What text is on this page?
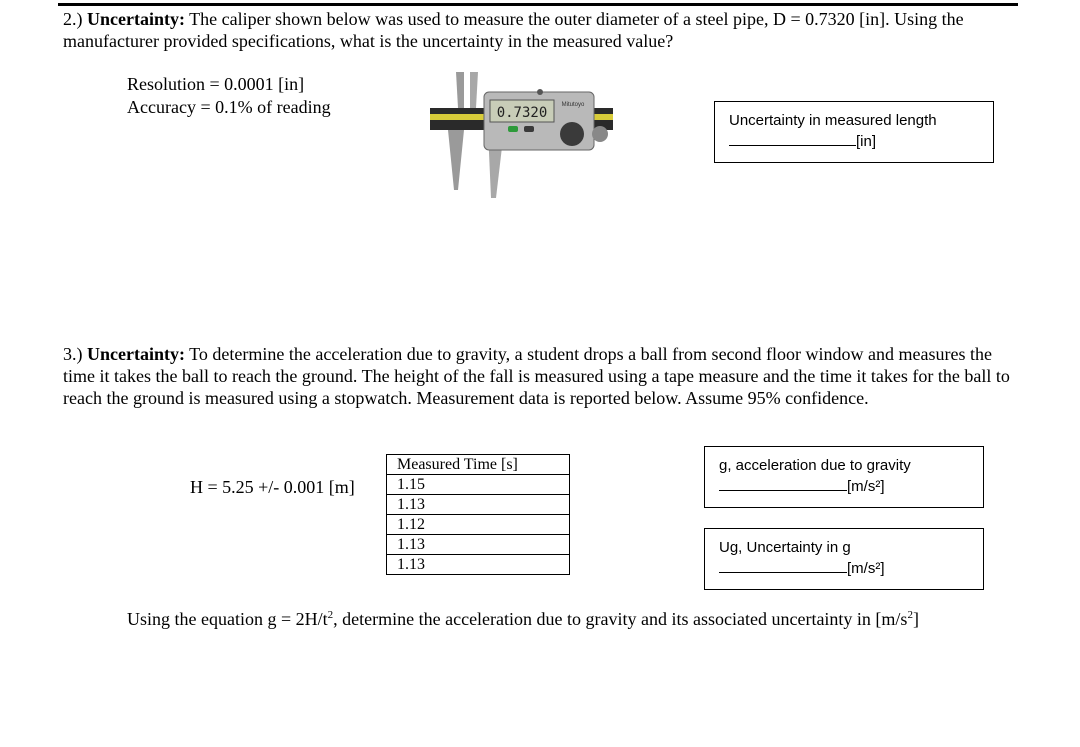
2.) Uncertainty: The caliper shown below was used to measure the outer diameter of a steel pipe, D = 0.7320 [in]. Using the manufacturer provided specifications, what is the uncertainty in the measured value?
Resolution = 0.0001 [in]
Accuracy = 0.1% of reading	0.7320 Mitutoyo
Uncertainty in measured length
[in]
3.) Uncertainty: To determine the acceleration due to gravity, a student drops a ball from second floor window and measures the time it takes the ball to reach the ground. The height of the fall is measured using a tape measure and the time it takes for the ball to reach the ground is measured using a stopwatch. Measurement data is reported below. Assume 95% confidence.
H = 5.25 +/- 0.001 [m]
Measured Time [s]
1.15
1.13
1.12
1.13
1.13
g, acceleration due to gravity
[m/s²]
Ug, Uncertainty in g
[m/s²]
Using the equation $g = 2H/t^2$, determine the acceleration due to gravity and its associated uncertainty in $[m/s^2]$
